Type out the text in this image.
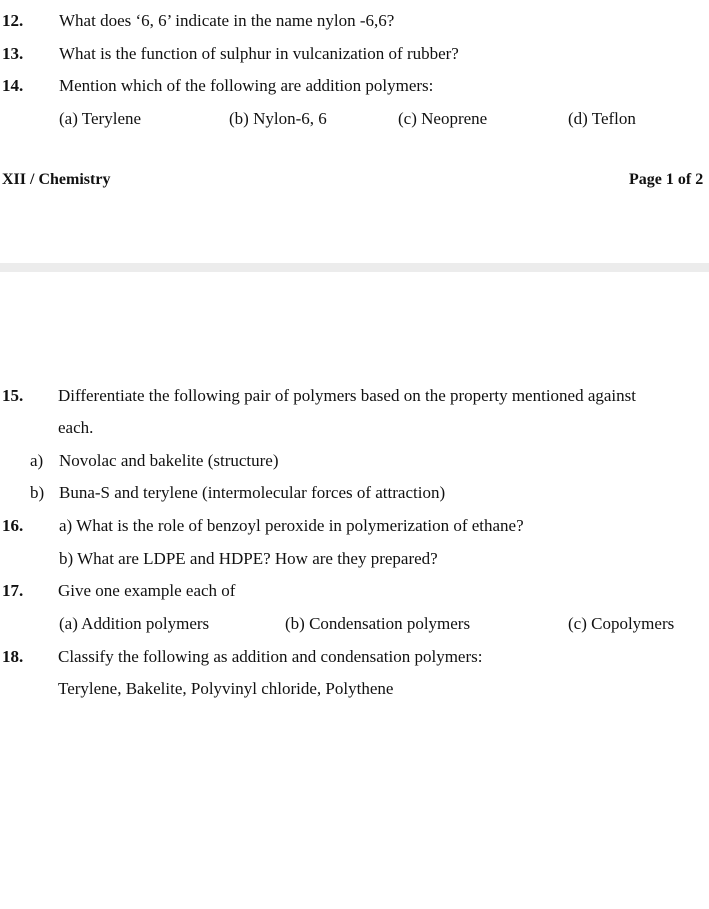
12. What does ‘6, 6’ indicate in the name nylon -6,6?
13. What is the function of sulphur in vulcanization of rubber?
14. Mention which of the following are addition polymers:
(a) Terylene	(b) Nylon-6, 6	(c) Neoprene	(d) Teflon
XII / Chemistry	Page 1 of 2
15. Differentiate the following pair of polymers based on the property mentioned against
each.
a) Novolac and bakelite (structure)
b) Buna-S and terylene (intermolecular forces of attraction)
16. a) What is the role of benzoyl peroxide in polymerization of ethane?
b) What are LDPE and HDPE? How are they prepared?
17. Give one example each of
(a) Addition polymers	(b) Condensation polymers	(c) Copolymers
18. Classify the following as addition and condensation polymers:
Terylene, Bakelite, Polyvinyl chloride, Polythene
